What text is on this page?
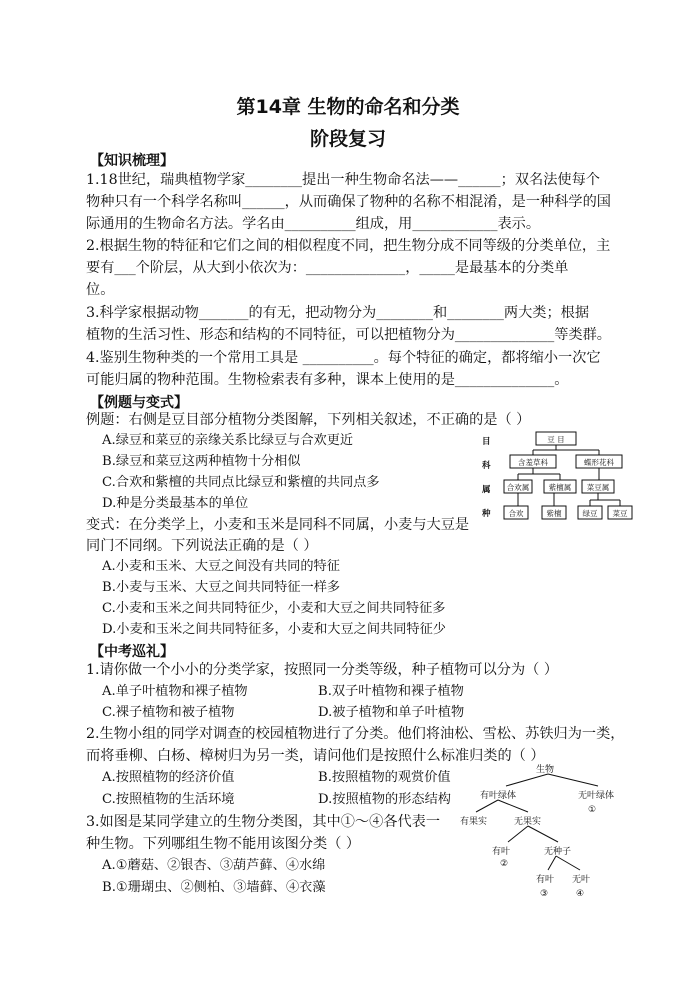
第14章 生物的命名和分类
阶段复习
【知识梳理】
1.18世纪，瑞典植物学家________提出一种生物命名法——______；双名法使每个
物种只有一个科学名称叫______，从而确保了物种的名称不相混淆，是一种科学的国
际通用的生物命名方法。学名由__________组成，用____________表示。
2.根据生物的特征和它们之间的相似程度不同，把生物分成不同等级的分类单位，主
要有___个阶层，从大到小依次为：______________，_____是最基本的分类单
位。
3.科学家根据动物_______的有无，把动物分为________和________两大类；根据
植物的生活习性、形态和结构的不同特征，可以把植物分为______________等类群。
4.鉴别生物种类的一个常用工具是 __________。每个特征的确定，都将缩小一次它
可能归属的物种范围。生物检索表有多种，课本上使用的是______________。
【例题与变式】
例题：右侧是豆目部分植物分类图解，下列相关叙述，不正确的是（ ）
A.绿豆和菜豆的亲缘关系比绿豆与合欢更近
B.绿豆和菜豆这两种植物十分相似
C.合欢和紫檀的共同点比绿豆和紫檀的共同点多
D.种是分类最基本的单位
变式：在分类学上，小麦和玉米是同科不同属，小麦与大豆是
同门不同纲。下列说法正确的是（ ）
A.小麦和玉米、大豆之间没有共同的特征
B.小麦与玉米、大豆之间共同特征一样多
C.小麦和玉米之间共同特征少，小麦和大豆之间共同特征多
D.小麦和玉米之间共同特征多，小麦和大豆之间共同特征少
【中考巡礼】
1.请你做一个小小的分类学家，按照同一分类等级，种子植物可以分为（ ）
A.单子叶植物和裸子植物	B.双子叶植物和裸子植物
C.裸子植物和被子植物	D.被子植物和单子叶植物
2.生物小组的同学对调查的校园植物进行了分类。他们将油松、雪松、苏铁归为一类，
而将垂柳、白杨、樟树归为另一类，请问他们是按照什么标准归类的（ ）
A.按照植物的经济价值	B.按照植物的观赏价值
C.按照植物的生活环境	D.按照植物的形态结构
3.如图是某同学建立的生物分类图，其中①～④各代表一
种生物。下列哪组生物不能用该图分类（ ）
A.①蘑菇、②银杏、③葫芦藓、④水绵
B.①珊瑚虫、②侧柏、③墙藓、④衣藻
目
科
属
种
豆 目
含羞草科	蝶形花科
合欢属	紫檀属 菜豆属
合欢	紫檀	绿豆 菜豆
生物
有叶绿体	无叶绿体
①
有果实	无果实
有叶	无种子
②
有叶 无叶
③	④
